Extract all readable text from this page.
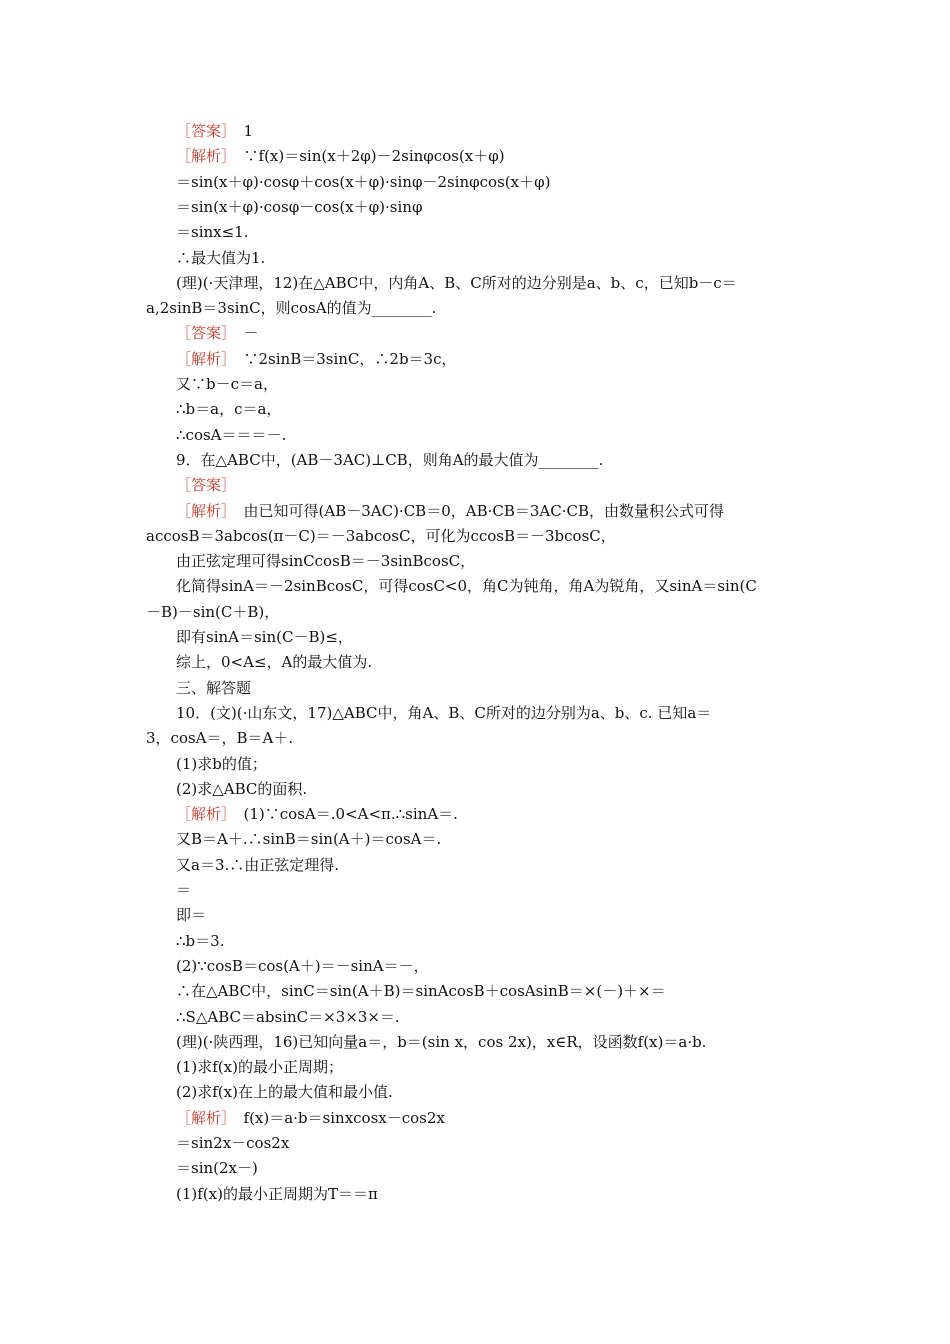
［答案］　1
［解析］　∵f(x)＝sin(x＋2φ)－2sinφcos(x＋φ)
＝sin(x＋φ)·cosφ＋cos(x＋φ)·sinφ－2sinφcos(x＋φ)
＝sin(x＋φ)·cosφ－cos(x＋φ)·sinφ
＝sinx≤1.
∴最大值为1.
(理)(·天津理，12)在△ABC中，内角A、B、C所对的边分别是a、b、c，已知b－c＝
a,2sinB＝3sinC，则cosA的值为________.
［答案］　－
［解析］　∵2sinB＝3sinC，∴2b＝3c，
又∵b－c＝a，
∴b＝a，c＝a，
∴cosA＝＝＝－.
9．在△ABC中，(AB－3AC)⊥CB，则角A的最大值为________.
［答案］
［解析］　由已知可得(AB－3AC)·CB＝0，AB·CB＝3AC·CB，由数量积公式可得
accosB＝3abcos(π－C)＝－3abcosC，可化为ccosB＝－3bcosC，
由正弦定理可得sinCcosB＝－3sinBcosC，
化简得sinA＝－2sinBcosC，可得cosC<0，角C为钝角，角A为锐角，又sinA＝sin(C
－B)－sin(C＋B)，
即有sinA＝sin(C－B)≤，
综上，0<A≤，A的最大值为.
三、解答题
10．(文)(·山东文，17)△ABC中，角A、B、C所对的边分别为a、b、c. 已知a＝
3，cosA＝，B＝A＋.
(1)求b的值；
(2)求△ABC的面积.
［解析］　(1)∵cosA＝.0<A<π.∴sinA＝.
又B＝A＋.∴sinB＝sin(A＋)＝cosA＝.
又a＝3.∴由正弦定理得.
＝
即＝
∴b＝3.
(2)∵cosB＝cos(A＋)＝－sinA＝－，
∴在△ABC中，sinC＝sin(A＋B)＝sinAcosB＋cosAsinB＝×(－)＋×＝
∴S△ABC＝absinC＝×3×3×＝.
(理)(·陕西理，16)已知向量a＝，b＝(sin x，cos 2x)，x∈R，设函数f(x)＝a·b.
(1)求f(x)的最小正周期；
(2)求f(x)在上的最大值和最小值.
［解析］　f(x)＝a·b＝sinxcosx－cos2x
＝sin2x－cos2x
＝sin(2x－)
(1)f(x)的最小正周期为T＝＝π
